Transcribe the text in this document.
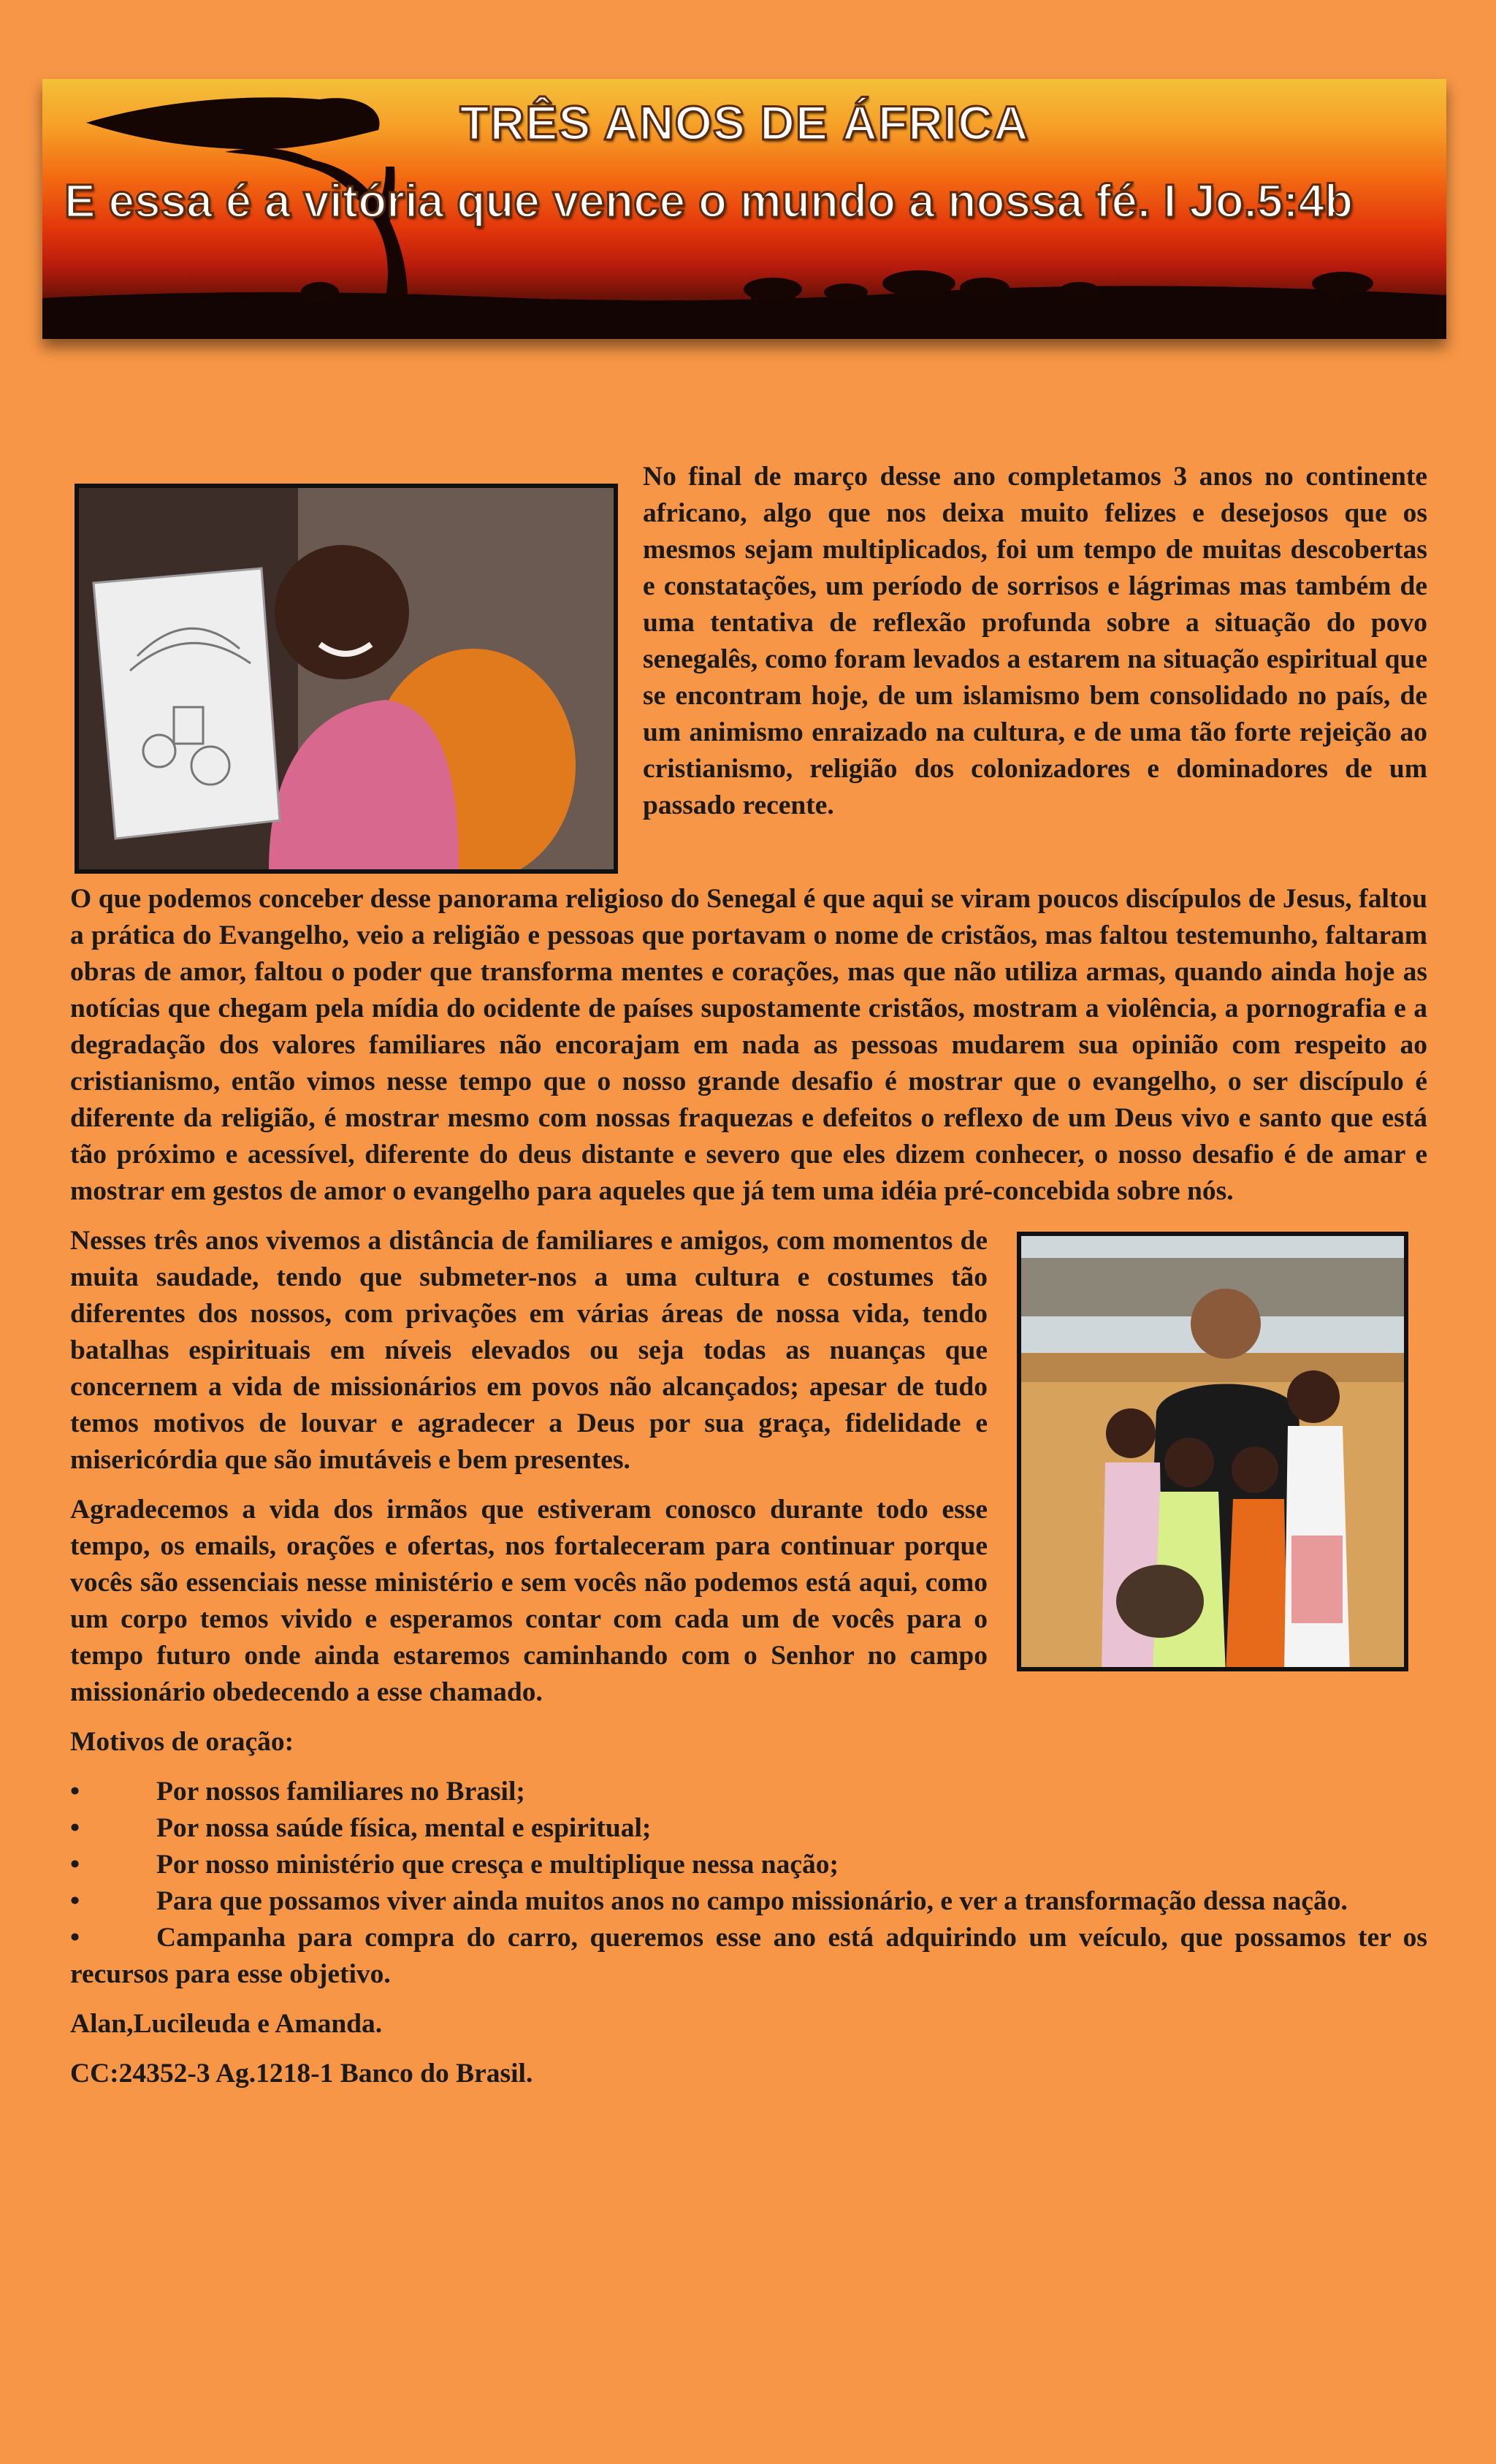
TRÊS ANOS DE ÁFRICA
E essa é a vitória que vence o mundo a nossa fé. I Jo.5:4b

No final de março desse ano completamos 3 anos no continente africano, algo que nos deixa muito felizes e desejosos que os mesmos sejam multiplicados, foi um tempo de muitas descobertas e constatações, um período de sorrisos e lágrimas mas também de uma tentativa de reflexão profunda sobre a situação do povo senegalês, como foram levados a estarem na situação espiritual que se encontram hoje, de um islamismo bem consolidado no país, de um animismo enraizado na cultura, e de uma tão forte rejeição ao cristianismo, religião dos colonizadores e dominadores de um passado recente.

O que podemos conceber desse panorama religioso do Senegal é que aqui se viram poucos discípulos de Jesus, faltou a prática do Evangelho, veio a religião e pessoas que portavam o nome de cristãos, mas faltou testemunho, faltaram obras de amor, faltou o poder que transforma mentes e corações, mas que não utiliza armas, quando ainda hoje as notícias que chegam pela mídia do ocidente de países supostamente cristãos, mostram a violência, a pornografia e a degradação dos valores familiares não encorajam em nada as pessoas mudarem sua opinião com respeito ao cristianismo, então vimos nesse tempo que o nosso grande desafio é mostrar que o evangelho, o ser discípulo é diferente da religião, é mostrar mesmo com nossas fraquezas e defeitos o reflexo de um Deus vivo e santo que está tão próximo e acessível, diferente do deus distante e severo que eles dizem conhecer, o nosso desafio é de amar e mostrar em gestos de amor o evangelho para aqueles que já tem uma idéia pré-concebida sobre nós.

Nesses três anos vivemos a distância de familiares e amigos, com momentos de muita saudade, tendo que submeter-nos a uma cultura e costumes tão diferentes dos nossos, com privações em várias áreas de nossa vida, tendo batalhas espirituais em níveis elevados ou seja todas as nuanças que concernem a vida de missionários em povos não alcançados; apesar de tudo temos motivos de louvar e agradecer a Deus por sua graça, fidelidade e misericórdia que são imutáveis e bem presentes.

Agradecemos a vida dos irmãos que estiveram conosco durante todo esse tempo, os emails, orações e ofertas, nos fortaleceram para continuar porque vocês são essenciais nesse ministério e sem vocês não podemos está aqui, como um corpo temos vivido e esperamos contar com cada um de vocês para o tempo futuro onde ainda estaremos caminhando com o Senhor no campo missionário obedecendo a esse chamado.

Motivos de oração:

•	Por nossos familiares no Brasil;
•	Por nossa saúde física, mental e espiritual;
•	Por nosso ministério que cresça e multiplique nessa nação;
•	Para que possamos viver ainda muitos anos no campo missionário, e ver a transformação dessa nação.
•	Campanha para compra do carro, queremos esse ano está adquirindo um veículo, que possamos ter os recursos para esse objetivo.

Alan,Lucileuda e Amanda.

CC:24352-3 Ag.1218-1 Banco do Brasil.
